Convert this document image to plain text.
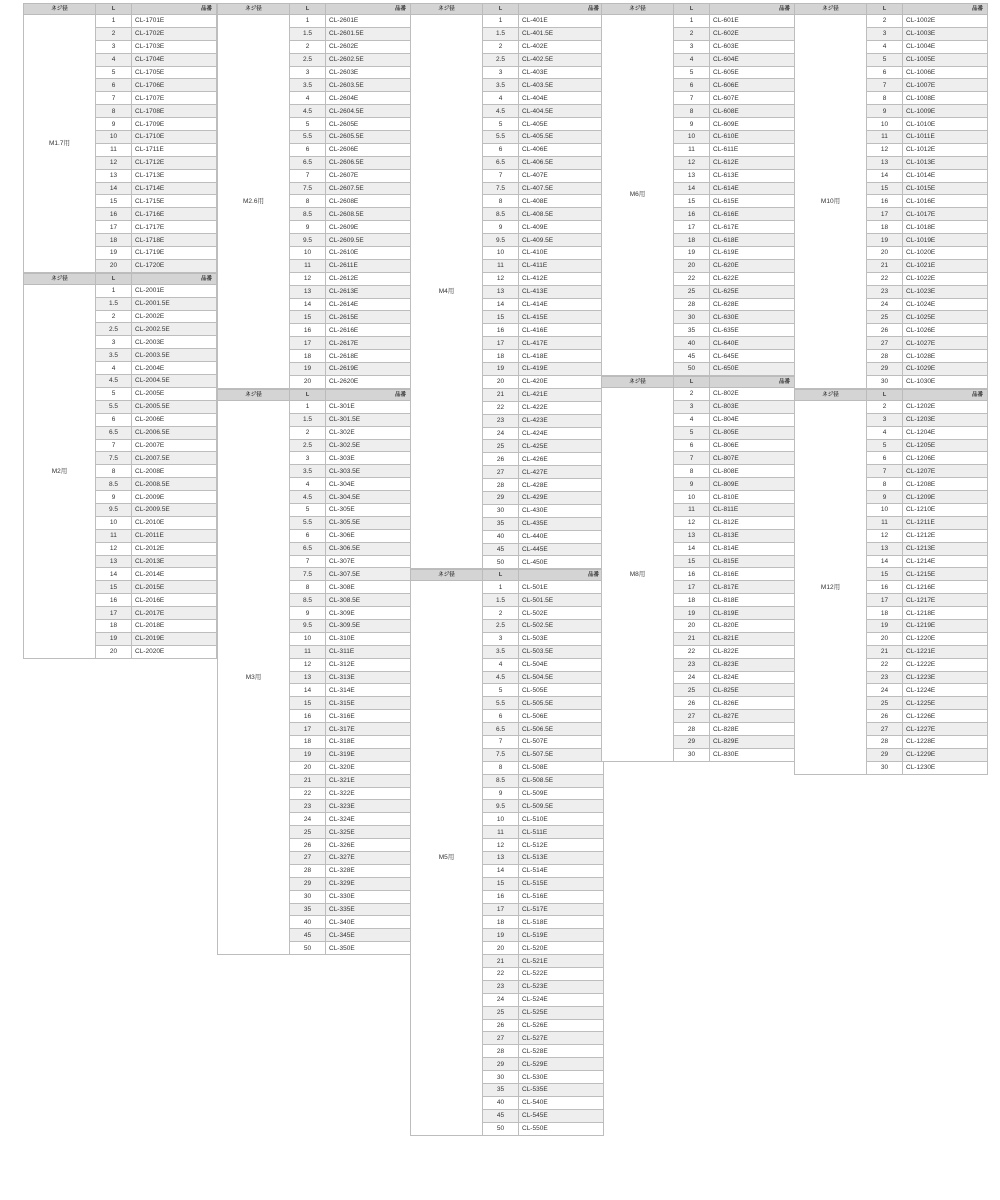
ネジ径	L	品番
M1.7用	1	CL-1701E
	2	CL-1702E
	3	CL-1703E
	4	CL-1704E
	5	CL-1705E
	6	CL-1706E
	7	CL-1707E
	8	CL-1708E
	9	CL-1709E
	10	CL-1710E
	11	CL-1711E
	12	CL-1712E
	13	CL-1713E
	14	CL-1714E
	15	CL-1715E
	16	CL-1716E
	17	CL-1717E
	18	CL-1718E
	19	CL-1719E
	20	CL-1720E
ネジ径	L	品番
M2用	1	CL-2001E
	1.5	CL-2001.5E
	2	CL-2002E
	2.5	CL-2002.5E
	3	CL-2003E
	3.5	CL-2003.5E
	4	CL-2004E
	4.5	CL-2004.5E
	5	CL-2005E
	5.5	CL-2005.5E
	6	CL-2006E
	6.5	CL-2006.5E
	7	CL-2007E
	7.5	CL-2007.5E
	8	CL-2008E
	8.5	CL-2008.5E
	9	CL-2009E
	9.5	CL-2009.5E
	10	CL-2010E
	11	CL-2011E
	12	CL-2012E
	13	CL-2013E
	14	CL-2014E
	15	CL-2015E
	16	CL-2016E
	17	CL-2017E
	18	CL-2018E
	19	CL-2019E
	20	CL-2020E
ネジ径	L	品番
M2.6用	1	CL-2601E
	1.5	CL-2601.5E
	2	CL-2602E
	2.5	CL-2602.5E
	3	CL-2603E
	3.5	CL-2603.5E
	4	CL-2604E
	4.5	CL-2604.5E
	5	CL-2605E
	5.5	CL-2605.5E
	6	CL-2606E
	6.5	CL-2606.5E
	7	CL-2607E
	7.5	CL-2607.5E
	8	CL-2608E
	8.5	CL-2608.5E
	9	CL-2609E
	9.5	CL-2609.5E
	10	CL-2610E
	11	CL-2611E
	12	CL-2612E
	13	CL-2613E
	14	CL-2614E
	15	CL-2615E
	16	CL-2616E
	17	CL-2617E
	18	CL-2618E
	19	CL-2619E
	20	CL-2620E
ネジ径	L	品番
M3用	1	CL-301E
	1.5	CL-301.5E
	2	CL-302E
	2.5	CL-302.5E
	3	CL-303E
	3.5	CL-303.5E
	4	CL-304E
	4.5	CL-304.5E
	5	CL-305E
	5.5	CL-305.5E
	6	CL-306E
	6.5	CL-306.5E
	7	CL-307E
	7.5	CL-307.5E
	8	CL-308E
	8.5	CL-308.5E
	9	CL-309E
	9.5	CL-309.5E
	10	CL-310E
	11	CL-311E
	12	CL-312E
	13	CL-313E
	14	CL-314E
	15	CL-315E
	16	CL-316E
	17	CL-317E
	18	CL-318E
	19	CL-319E
	20	CL-320E
	21	CL-321E
	22	CL-322E
	23	CL-323E
	24	CL-324E
	25	CL-325E
	26	CL-326E
	27	CL-327E
	28	CL-328E
	29	CL-329E
	30	CL-330E
	35	CL-335E
	40	CL-340E
	45	CL-345E
	50	CL-350E
ネジ径	L	品番
M4用	1	CL-401E
	1.5	CL-401.5E
	2	CL-402E
	2.5	CL-402.5E
	3	CL-403E
	3.5	CL-403.5E
	4	CL-404E
	4.5	CL-404.5E
	5	CL-405E
	5.5	CL-405.5E
	6	CL-406E
	6.5	CL-406.5E
	7	CL-407E
	7.5	CL-407.5E
	8	CL-408E
	8.5	CL-408.5E
	9	CL-409E
	9.5	CL-409.5E
	10	CL-410E
	11	CL-411E
	12	CL-412E
	13	CL-413E
	14	CL-414E
	15	CL-415E
	16	CL-416E
	17	CL-417E
	18	CL-418E
	19	CL-419E
	20	CL-420E
	21	CL-421E
	22	CL-422E
	23	CL-423E
	24	CL-424E
	25	CL-425E
	26	CL-426E
	27	CL-427E
	28	CL-428E
	29	CL-429E
	30	CL-430E
	35	CL-435E
	40	CL-440E
	45	CL-445E
	50	CL-450E
ネジ径	L	品番
M5用	1	CL-501E
	1.5	CL-501.5E
	2	CL-502E
	2.5	CL-502.5E
	3	CL-503E
	3.5	CL-503.5E
	4	CL-504E
	4.5	CL-504.5E
	5	CL-505E
	5.5	CL-505.5E
	6	CL-506E
	6.5	CL-506.5E
	7	CL-507E
	7.5	CL-507.5E
	8	CL-508E
	8.5	CL-508.5E
	9	CL-509E
	9.5	CL-509.5E
	10	CL-510E
	11	CL-511E
	12	CL-512E
	13	CL-513E
	14	CL-514E
	15	CL-515E
	16	CL-516E
	17	CL-517E
	18	CL-518E
	19	CL-519E
	20	CL-520E
	21	CL-521E
	22	CL-522E
	23	CL-523E
	24	CL-524E
	25	CL-525E
	26	CL-526E
	27	CL-527E
	28	CL-528E
	29	CL-529E
	30	CL-530E
	35	CL-535E
	40	CL-540E
	45	CL-545E
	50	CL-550E
ネジ径	L	品番
M6用	1	CL-601E
	2	CL-602E
	3	CL-603E
	4	CL-604E
	5	CL-605E
	6	CL-606E
	7	CL-607E
	8	CL-608E
	9	CL-609E
	10	CL-610E
	11	CL-611E
	12	CL-612E
	13	CL-613E
	14	CL-614E
	15	CL-615E
	16	CL-616E
	17	CL-617E
	18	CL-618E
	19	CL-619E
	20	CL-620E
	22	CL-622E
	25	CL-625E
	28	CL-628E
	30	CL-630E
	35	CL-635E
	40	CL-640E
	45	CL-645E
	50	CL-650E
ネジ径	L	品番
M8用	2	CL-802E
	3	CL-803E
	4	CL-804E
	5	CL-805E
	6	CL-806E
	7	CL-807E
	8	CL-808E
	9	CL-809E
	10	CL-810E
	11	CL-811E
	12	CL-812E
	13	CL-813E
	14	CL-814E
	15	CL-815E
	16	CL-816E
	17	CL-817E
	18	CL-818E
	19	CL-819E
	20	CL-820E
	21	CL-821E
	22	CL-822E
	23	CL-823E
	24	CL-824E
	25	CL-825E
	26	CL-826E
	27	CL-827E
	28	CL-828E
	29	CL-829E
	30	CL-830E
ネジ径	L	品番
M10用	2	CL-1002E
	3	CL-1003E
	4	CL-1004E
	5	CL-1005E
	6	CL-1006E
	7	CL-1007E
	8	CL-1008E
	9	CL-1009E
	10	CL-1010E
	11	CL-1011E
	12	CL-1012E
	13	CL-1013E
	14	CL-1014E
	15	CL-1015E
	16	CL-1016E
	17	CL-1017E
	18	CL-1018E
	19	CL-1019E
	20	CL-1020E
	21	CL-1021E
	22	CL-1022E
	23	CL-1023E
	24	CL-1024E
	25	CL-1025E
	26	CL-1026E
	27	CL-1027E
	28	CL-1028E
	29	CL-1029E
	30	CL-1030E
ネジ径	L	品番
M12用	2	CL-1202E
	3	CL-1203E
	4	CL-1204E
	5	CL-1205E
	6	CL-1206E
	7	CL-1207E
	8	CL-1208E
	9	CL-1209E
	10	CL-1210E
	11	CL-1211E
	12	CL-1212E
	13	CL-1213E
	14	CL-1214E
	15	CL-1215E
	16	CL-1216E
	17	CL-1217E
	18	CL-1218E
	19	CL-1219E
	20	CL-1220E
	21	CL-1221E
	22	CL-1222E
	23	CL-1223E
	24	CL-1224E
	25	CL-1225E
	26	CL-1226E
	27	CL-1227E
	28	CL-1228E
	29	CL-1229E
	30	CL-1230E
